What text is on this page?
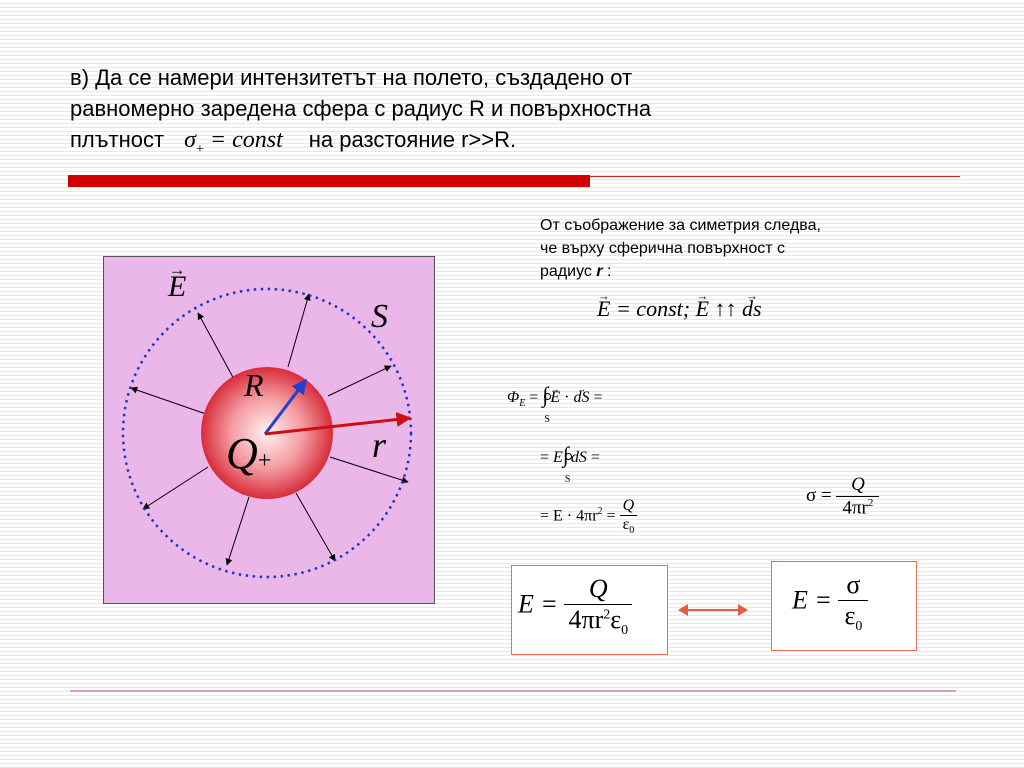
в) Да се намери интензитетът на полето, създадено от
равномерно заредена сфера с радиус R и повърхностна
плътност $\sigma_+$ = const на разстояние r>>R.
→ E
S
R
r
Q+
От съображение за симетрия следва,
че върху сферична повърхност с
радиус r :
→ E = const; → E ↑↑ → ds
$\Phi_E$ = ∫
S
→ E · → dS =
= E∫
S
dS =
= $E \cdot 4\pi r^2 = \frac{Q}{\varepsilon_0}$
$\sigma = \frac{Q}{4\pi r^2}$
$E = \frac{Q}{4\pi r^2\varepsilon_0}$	$E = \frac{\sigma}{\varepsilon_0}$
